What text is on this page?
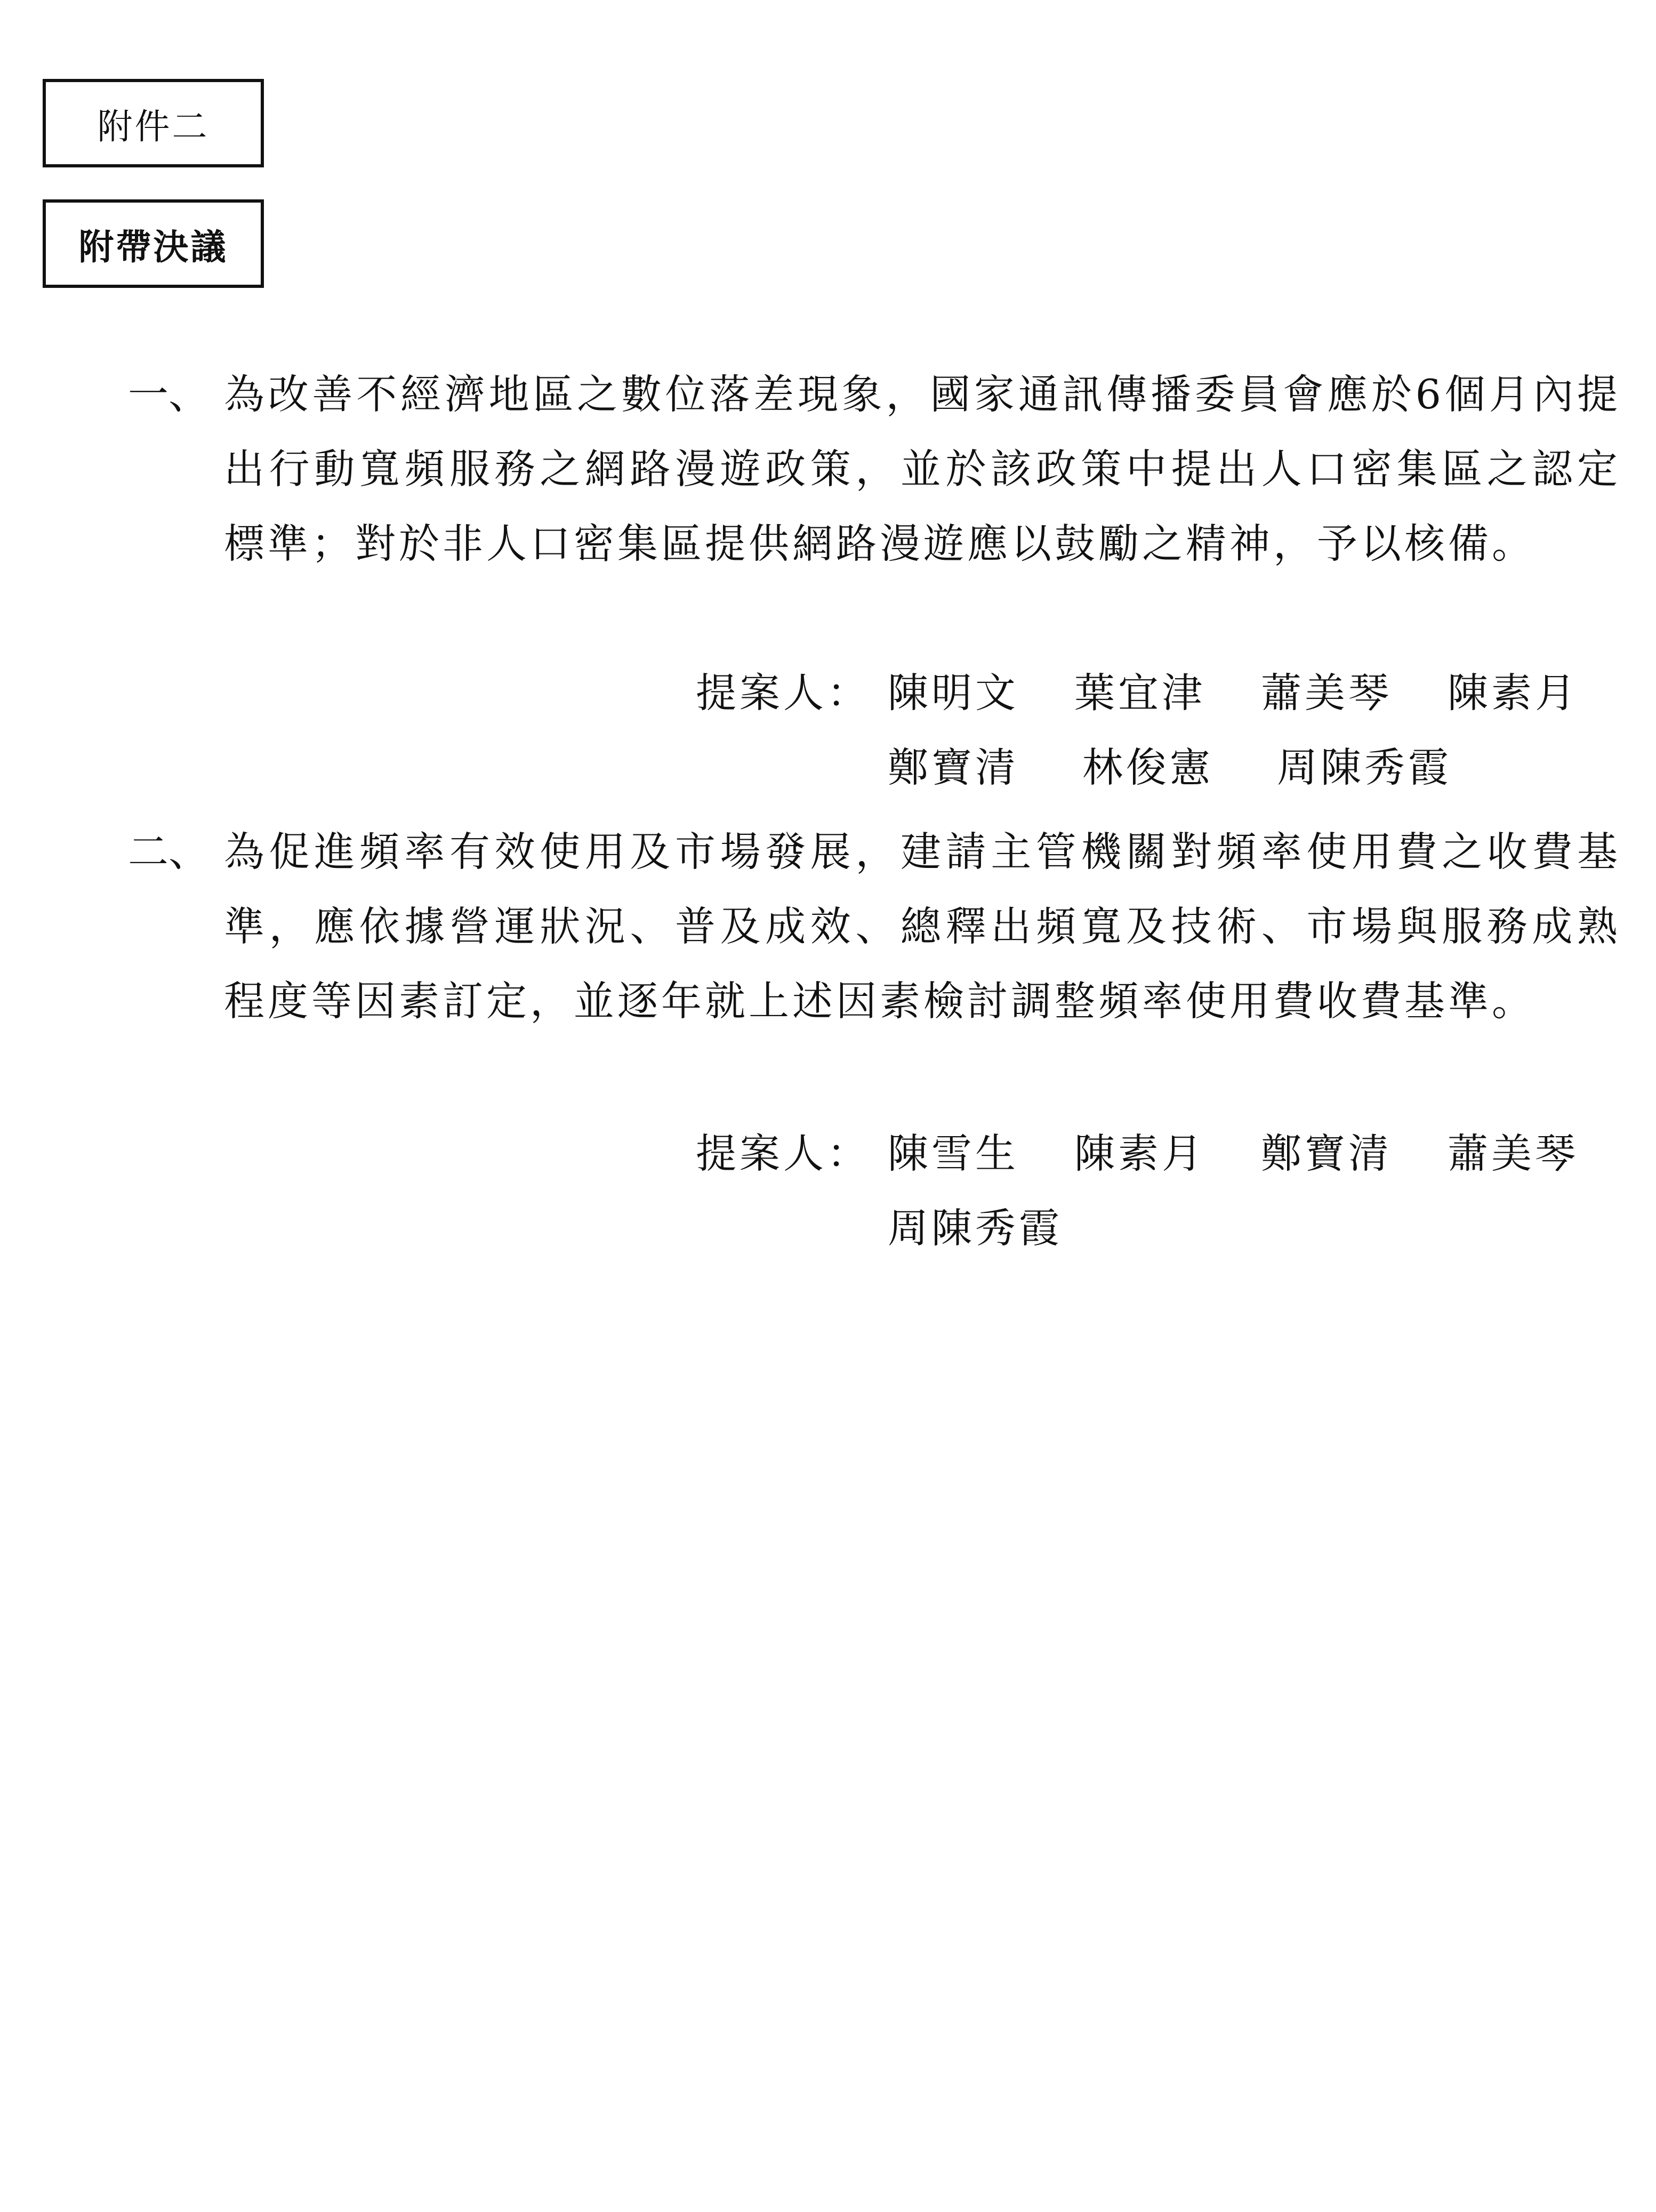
附件二
附帶決議
一、 為改善不經濟地區之數位落差現象，國家通訊傳播委員會應於6個月內提出行動寬頻服務之網路漫遊政策，並於該政策中提出人口密集區之認定標準；對於非人口密集區提供網路漫遊應以鼓勵之精神，予以核備。
提案人： 陳明文	葉宜津	蕭美琴	陳素月
鄭寶清	林俊憲	周陳秀霞
二、 為促進頻率有效使用及市場發展，建請主管機關對頻率使用費之收費基準，應依據營運狀況、普及成效、總釋出頻寬及技術、市場與服務成熟程度等因素訂定，並逐年就上述因素檢討調整頻率使用費收費基準。
提案人： 陳雪生	陳素月	鄭寶清	蕭美琴
周陳秀霞
